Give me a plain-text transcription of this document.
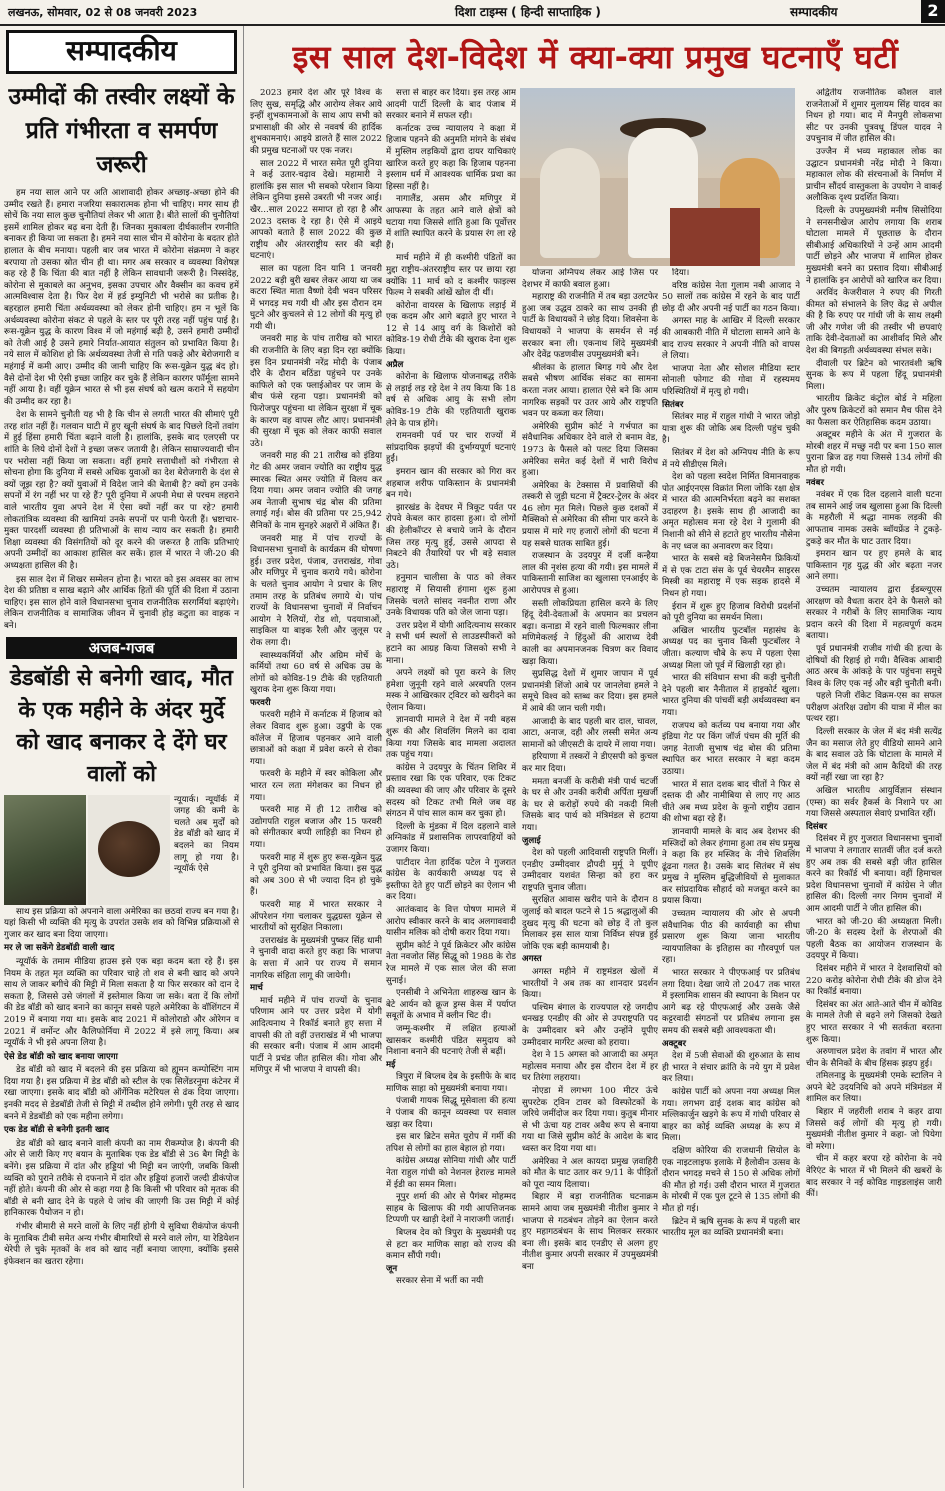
लखनऊ, सोमवार, 02 से 08 जनवरी 2023	दिशा टाइम्स ( हिन्दी साप्ताहिक )	सम्पादकीय	2
सम्पादकीय
उम्मीदों की तस्वीर लक्ष्यों के प्रति गंभीरता व समर्पण जरूरी

हम नया साल आने पर अति आशावादी होकर अच्छाइ-अच्छा होने की उम्मीद रखते हैं। हमारा नजरिया सकारात्मक होना भी चाहिए। मगर साथ ही सोचें कि नया साल कुछ चुनौतियां लेकर भी आता है। बीते सालों की चुनौतियां इसमें शामिल होकर बढ़ बना देती हैं। जिनका मुकाबला दीर्घकालीन रणनीति बनाकर ही किया जा सकता है। हमने नया साल चीन में कोरोना के बदतर होते हालात के बीच मनाया। पहली बार जब भारत में कोरोना संक्रमण ने कहर बरपाया तो उसका स्रोत चीन ही था। मगर अब सरकार व व्यवस्था विशेषज्ञ कह रहे हैं कि चिंता की बात नहीं है लेकिन सावधानी जरूरी है। निस्संदेह, कोरोना से मुकाबले का अनुभव, इसका उपचार और वैक्सीन का कवच हमें आत्मविश्वास देता है। फिर देश में हर्ड इम्युनिटी भी भरोसे का प्रतीक है। बहरहाल हमारी चिंता अर्थव्यवस्था को लेकर होनी चाहिए। हम न भूलें कि अर्थव्यवस्था कोरोना संकट से पहले के स्तर पर पूरी तरह नहीं पहुंच पाई है। रूस-यूक्रेन युद्ध के कारण विश्व में जो महंगाई बढ़ी है, उसने हमारी उम्मीदों को तेजी आई है उसने हमारे निर्यात-आयात संतुलन को प्रभावित किया है। नये साल में कोशिश हो कि अर्थव्यवस्था तेजी से गति पकड़े और बेरोजगारी व महंगाई में कमी आए। उम्मीद की जानी चाहिए कि रूस-यूक्रेन युद्ध बंद हो। वैसे दोनों देश भी ऐसी इच्छा जाहिर कर चुके हैं लेकिन कारगर फॉर्मूला सामने नहीं आया है। वहीं यूक्रेन भारत से भी इस संघर्ष को खत्म कराने में सहयोग की उम्मीद कर रहा है।

देश के सामने चुनौती यह भी है कि चीन से लगती भारत की सीमाएं पूरी तरह शांत नहीं हैं। गलवान घाटी में हुए खूनी संघर्ष के बाद पिछले दिनों तवांग में हुई हिंसा हमारी चिंता बढ़ाने वाली है। हालांकि, इसके बाद एलएसी पर शांति के लिये दोनों देशों ने इच्छा जरूर जतायी है। लेकिन साम्राज्यवादी चीन पर भरोसा नहीं किया जा सकता। वहीं हमारे सत्ताधीशों को गंभीरता से सोचना होगा कि दुनिया में सबसे अधिक युवाओं का देश बेरोजगारी के दंश से क्यों जूझ रहा है? क्यों युवाओं में विदेश जाने की बेताबी है? क्यों हम उनके सपनों में रंग नहीं भर पा रहे हैं? पूरी दुनिया में अपनी मेधा से परचम लहराने वाले भारतीय युवा अपने देश में ऐसा क्यों नहीं कर पा रहे? हमारी लोकतांत्रिक व्यवस्था की खामियां उनके सपनों पर पानी फेरती हैं। भ्रष्टाचार-मुक्त पारदर्शी व्यवस्था ही प्रतिभाओं के साथ न्याय कर सकती है। हमारी शिक्षा व्यवस्था की विसंगतियों को दूर करने की जरूरत है ताकि प्रतिभाएं अपनी उम्मीदों का आकाश हासिल कर सकें। हाल में भारत ने जी-20 की अध्यक्षता हासिल की है।

इस साल देश में शिखर सम्मेलन होना है। भारत को इस अवसर का लाभ देश की प्रतिष्ठा व साख बढ़ाने और आर्थिक हितों की पूर्ति की दिशा में उठाना चाहिए। इस साल होने वाले विधानसभा चुनाव राजनीतिक सरगर्मियां बढ़ाएंगे। लेकिन राजनीतिक व सामाजिक जीवन में चुनावी होड़ कटुता का वाहक न बने।

अजब-गजब
डेडबॉडी से बनेगी खाद, मौत के एक महीने के अंदर मुर्दे को खाद बनाकर दे देंगे घर वालों को
न्यूयार्क। न्यूयॉर्क में जगह की कमी के चलते अब मुर्दों को डेड बॉडी को खाद में बदलने का नियम लागू हो गया है। न्यूयॉर्क ऐसे

साथ इस प्रक्रिया को अपनाने वाला अमेरिका का छठवां राज्य बन गया है। यहां किसी भी व्यक्ति की मृत्यु के उपरांत उसके शव को विभिन्न प्रक्रियाओं से गुजार कर खाद बना दिया जाएगा।

मर ले जा सकेंगे डेडबॉडी वाली खाद

न्यूयॉर्क के तमाम मीडिया हाउस इसे एक बड़ा कदम बता रहे हैं। इस नियम के तहत मृत व्यक्ति का परिवार चाहे तो शव से बनी खाद को अपने साथ ले जाकर बगीचे की मिट्टी में मिला सकता है या फिर सरकार को दान दे सकता है, जिससे उसे जंगलों में इस्तेमाल किया जा सके। बता दें कि लोगों की डेड बॉडी को खाद बनाने का कानून सबसे पहले अमेरिका के वॉशिंगटन में 2019 में बनाया गया था। इसके बाद 2021 में कोलोराडो और ओरेगन व 2021 में वर्मोन्ट और कैलिफोर्निया में 2022 में इसे लागू किया। अब न्यूयॉर्क ने भी इसे अपना लिया है।

ऐसे डेड बॉडी को खाद बनाया जाएगा

डेड बॉडी को खाद में बदलने की इस प्रक्रिया को ह्यूमन कम्पोस्टिंग नाम दिया गया है। इस प्रक्रिया में डेड बॉडी को स्टील के एक सिलेंडरनुमा कंटेनर में रखा जाएगा। इसके बाद बॉडी को ऑर्गेनिक मटेरियल से ढंक दिया जाएगा। इनकी मदद से डेडबॉडी तेजी से मिट्टी में तब्दील होने लगेगी। पूरी तरह से खाद बनने में डेडबॉडी को एक महीना लगेगा।

एक डेड बॉडी से बनेगी इतनी खाद

डेड बॉडी को खाद बनाने वाली कंपनी का नाम रीकम्पोज है। कंपनी की ओर से जारी किए गए बयान के मुताबिक एक डेड बॉडी से 36 बैग मिट्टी के बनेंगे। इस प्रक्रिया में दांत और हड्डियां भी मिट्टी बन जाएंगी, जबकि किसी व्यक्ति को पुराने तरीके से दफनाने में दांत और हड्डियां हजारों जल्दी डीकंपोज नहीं होते। कंपनी की ओर से कहा गया है कि किसी भी परिवार को मृतक की बॉडी से बनी खाद देने के पहले ये जांच की जाएगी कि उस मिट्टी में कोई हानिकारक पैथोजन न हो।

गंभीर बीमारी से मरने वालों के लिए नहीं होगी ये सुविधा रीकंपोज कंपनी के मुताबिक टीबी समेत अन्य गंभीर बीमारियों से मरने वाले लोग, या रेडियेशन थेरेपी ले चुके मृतकों के शव को खाद नहीं बनाया जाएगा, क्योंकि इससे इंफेक्शन का खतरा रहेगा।

इस साल देश-विदेश में क्या-क्या प्रमुख घटनाएँ घटीं

2023 हमारे देश और पूरे विश्व के लिए सुख, समृद्धि और आरोग्य लेकर आये इन्हीं शुभकामनाओं के साथ आप सभी को प्रभासाक्षी की ओर से नववर्ष की हार्दिक शुभकामनाएं। आइये डालते हैं साल 2022 की प्रमुख घटनाओं पर एक नजर।

साल 2022 में भारत समेत पूरी दुनिया ने कई उतार-चढ़ाव देखे। महामारी ने हालांकि इस साल भी सबको परेशान किया लेकिन दुनिया इससे उबरती भी नजर आई। खैर...साल 2022 समाप्त हो रहा है और 2023 दस्तक दे रहा है। ऐसे में आइये आपको बताते हैं साल 2022 की कुछ राष्ट्रीय और अंतरराष्ट्रीय स्तर की बड़ी घटनाएं।

साल का पहला दिन यानि 1 जनवरी 2022 बड़ी बुरी खबर लेकर आया था जब कटरा स्थित माता वैष्णो देवी भवन परिसर में भगदड़ मच गयी थी और इस दौरान दम घुटने और कुचलने से 12 लोगों की मृत्यु हो गयी थी।

जनवरी माह के पांच तारीख को भारत की राजनीति के लिए बड़ा दिन रहा क्योंकि इस दिन प्रधानमंत्री नरेंद्र मोदी के पंजाब दौरे के दौरान बठिंडा पहुंचने पर उनके काफिले को एक फ्लाईओवर पर जाम के बीच फंसे रहना पड़ा। प्रधानमंत्री को फिरोजपुर पहुंचना था लेकिन सुरक्षा में चूक के कारण वह वापस लौट आए। प्रधानमंत्री की सुरक्षा में चूक को लेकर काफी सवाल उठे।

जनवरी माह की 21 तारीख को इंडिया गेट की अमर जवान ज्योति का राष्ट्रीय युद्ध स्मारक स्थित अमर ज्योति में विलय कर दिया गया। अमर जवान ज्योति की जगह अब नेताजी सुभाष चंद्र बोस की प्रतिमा लगाई गई। बोस की प्रतिमा पर 25,942 सैनिकों के नाम सुनहरे अक्षरों में अंकित हैं।

जनवरी माह में पांच राज्यों के विधानसभा चुनावों के कार्यक्रम की घोषणा हुई। उत्तर प्रदेश, पंजाब, उत्तराखंड, गोवा और मणिपुर में चुनाव कराये गये। कोरोना के चलते चुनाव आयोग ने प्रचार के लिए तमाम तरह के प्रतिबंध लगाये थे। पांच राज्यों के विधानसभा चुनावों में निर्वाचन आयोग ने रैलियों, रोड शो, पदयात्राओं, साइकिल या बाइक रैली और जुलूस पर रोक लगा दी।

स्वास्थ्यकर्मियों और अग्रिम मोर्चे के कर्मियों तथा 60 वर्ष से अधिक उम्र के लोगों को कोविड-19 टीके की एहतियाती खुराक देना शुरू किया गया।

फरवरी

फरवरी महीने में कर्नाटक में हिजाब को लेकर विवाद शुरू हुआ। उडुपी के एक कॉलेज में हिजाब पहनकर आने वाली छात्राओं को कक्षा में प्रवेश करने से रोका गया।

फरवरी के महीने में स्वर कोकिला और भारत रत्न लता मंगेशकर का निधन हो गया।

फरवरी माह में ही 12 तारीख को उद्योगपति राहुल बजाज और 15 फरवरी को संगीतकार बप्पी लाहिड़ी का निधन हो गया।

फरवरी माह में शुरू हुए रूस-यूक्रेन युद्ध ने पूरी दुनिया को प्रभावित किया। इस युद्ध को अब 300 से भी ज्यादा दिन हो चुके हैं।

फरवरी माह में भारत सरकार ने ऑपरेशन गंगा चलाकर युद्धग्रस्त यूक्रेन से भारतीयों को सुरक्षित निकाला।

उत्तराखंड के मुख्यमंत्री पुष्कर सिंह धामी ने चुनावी वादा करते हुए कहा कि भाजपा के सत्ता में आने पर राज्य में समान नागरिक संहिता लागू की जायेगी।

मार्च

मार्च महीने में पांच राज्यों के चुनाव परिणाम आने पर उत्तर प्रदेश में योगी आदित्यनाथ ने रिकॉर्ड बनाते हुए सत्ता में वापसी की तो वहीं उत्तराखंड में भी भाजपा की सरकार बनी। पंजाब में आम आदमी पार्टी ने प्रचंड जीत हासिल की। गोवा और मणिपुर में भी भाजपा ने वापसी की।

सत्ता से बाहर कर दिया। इस तरह आम आदमी पार्टी दिल्ली के बाद पंजाब में सरकार बनाने में सफल रही।

कर्नाटक उच्च न्यायालय ने कक्षा में हिजाब पहनने की अनुमति मांगने के संबंध में मुस्लिम लड़कियों द्वारा दायर याचिकाएं खारिज करते हुए कहा कि हिजाब पहनना इस्लाम धर्म में आवश्यक धार्मिक प्रथा का हिस्सा नहीं है।

नागालैंड, असम और मणिपुर में आफस्पा के तहत आने वाले क्षेत्रों को घटाया गया जिससे शांति हुआ कि पूर्वोत्तर में शांति स्थापित करने के प्रयास रंग ला रहे हैं।

मार्च महीने में ही कश्मीरी पंडितों का मुद्दा राष्ट्रीय-अंतरराष्ट्रीय स्तर पर छाया रहा क्योंकि 11 मार्च को द कश्मीर फाइल्स फिल्म ने सबकी आंखें खोल दी थीं।

कोरोना वायरस के खिलाफ लड़ाई में एक कदम और आगे बढ़ाते हुए भारत ने 12 से 14 आयु वर्ग के किशोरों को कोविड-19 रोधी टीके की खुराक देना शुरू किया।

अप्रैल

कोरोना के खिलाफ योजनाबद्ध तरीके से लड़ाई लड़ रहे देश ने तय किया कि 18 वर्ष से अधिक आयु के सभी लोग कोविड-19 टीके की एहतियाती खुराक लेने के पात्र होंगे।

रामनवमी पर्व पर चार राज्यों में सांप्रदायिक झड़पों की दुर्भाग्यपूर्ण घटनाएं हुईं।

इमरान खान की सरकार को गिरा कर शहबाज शरीफ पाकिस्तान के प्रधानमंत्री बन गये।

झारखंड के देवघर में त्रिकूट पर्वत पर रोपवे केबल कार हादसा हुआ। दो लोगों की हेलीकॉप्टर से बचाये जाने के दौरान जिस तरह मृत्यु हुई, उससे आपदा से निबटने की तैयारियों पर भी बड़े सवाल उठे।

हनुमान चालीसा के पाठ को लेकर महाराष्ट्र में सियासी हंगामा शुरू हुआ जिसके चलते सांसद नवनीत राणा और उनके विधायक पति को जेल जाना पड़ा।

उत्तर प्रदेश में योगी आदित्यनाथ सरकार ने सभी धर्म स्थलों से लाउडस्पीकरों को हटाने का आग्रह किया जिसको सभी ने माना।

अपने लक्ष्यों को पूरा करने के लिए हमेशा जुनूनी रहने वाले अरबपति एलन मस्क ने आखिरकार ट्विटर को खरीदने का ऐलान किया।

ज्ञानवापी मामले ने देश में नयी बहस शुरू की और शिवलिंग मिलने का दावा किया गया जिसके बाद मामला अदालत तक पहुंच गया।

कांग्रेस ने उदयपुर के चिंतन शिविर में प्रस्ताव रखा कि एक परिवार, एक टिकट की व्यवस्था की जाए और परिवार के दूसरे सदस्य को टिकट तभी मिले जब वह संगठन में पांच साल काम कर चुका हो।

दिल्ली के मुंडका में दिल दहलाने वाले अग्निकांड में प्रशासनिक लापरवाहियों को उजागर किया।

पाटीदार नेता हार्दिक पटेल ने गुजरात कांग्रेस के कार्यकारी अध्यक्ष पद से इस्तीफा देते हुए पार्टी छोड़ने का ऐलान भी कर दिया।

आतंकवाद के वित्त पोषण मामले में आरोप स्वीकार करने के बाद अलगाववादी यासीन मलिक को दोषी करार दिया गया।

सुप्रीम कोर्ट ने पूर्व क्रिकेटर और कांग्रेस नेता नवजोत सिंह सिद्धू को 1988 के रोड रेज मामले में एक साल जेल की सजा सुनाई।

एनसीबी ने अभिनेता शाहरुख खान के बेटे आर्यन को क्रूज ड्रग्स केस में पर्याप्त सबूतों के अभाव में क्लीन चिट दी।

जम्मू-कश्मीर में लक्षित हत्याओं खासकर कश्मीरी पंडित समुदाय को निशाना बनाने की घटनाएं तेजी से बढ़ीं।

मई

त्रिपुरा में बिप्लब देब के इस्तीफे के बाद माणिक साहा को मुख्यमंत्री बनाया गया।

पंजाबी गायक सिद्धू मूसेवाला की हत्या ने पंजाब की कानून व्यवस्था पर सवाल खड़ा कर दिया।

इस बार ब्रिटेन समेत यूरोप में गर्मी की तपिश से लोगों का हाल बेहाल हो गया।

कांग्रेस अध्यक्ष सोनिया गांधी और पार्टी नेता राहुल गांधी को नेशनल हेराल्ड मामले में ईडी का समन मिला।

नूपुर शर्मा की ओर से पैगंबर मोहम्मद साहब के खिलाफ की गयी आपत्तिजनक टिप्पणी पर खाड़ी देशों ने नाराजगी जताई।

बिप्लब देव को त्रिपुरा के मुख्यमंत्री पद से हटा कर माणिक साहा को राज्य की कमान सौंपी गयी।

जून

सरकार सेना में भर्ती का नयी

योजना अग्निपथ लेकर आई जिस पर देशभर में काफी बवाल हुआ।

महाराष्ट्र की राजनीति में तब बड़ा उलटफेर हुआ जब उद्धव ठाकरे का साथ उनकी ही पार्टी के विधायकों ने छोड़ दिया। शिवसेना के विधायकों ने भाजपा के समर्थन से नई सरकार बना ली। एकनाथ शिंदे मुख्यमंत्री और देवेंद्र फडणवीस उपमुख्यमंत्री बने।

श्रीलंका के हालात बिगड़ गये और देश सबसे भीषण आर्थिक संकट का सामना करता नजर आया। हालात ऐसे बने कि आम नागरिक सड़कों पर उतर आये और राष्ट्रपति भवन पर कब्जा कर लिया।

अमेरिकी सुप्रीम कोर्ट ने गर्भपात का संवैधानिक अधिकार देने वाले रो बनाम वेड, 1973 के फैसले को पलट दिया जिसका अमेरिका समेत कई देशों में भारी विरोध हुआ।

अमेरिका के टेक्सास में प्रवासियों की तस्करी से जुड़ी घटना में ट्रैक्टर-ट्रेलर के अंदर 46 लोग मृत मिले। पिछले कुछ दशकों में मैक्सिको से अमेरिका की सीमा पार करने के प्रयास में मारे गए हजारों लोगों की घटना में यह सबसे घातक साबित हुई।

राजस्थान के उदयपुर में दर्जी कन्हैया लाल की नृशंस हत्या की गयी। इस मामले में पाकिस्तानी साजिश का खुलासा एनआईए के आरोपपत्र से हुआ।

सस्ती लोकप्रियता हासिल करने के लिए हिंदू देवी-देवताओं के अपमान का प्रचलन बढ़ा। कनाडा में रहने वाली फिल्मकार लीना मणिमेकलई ने हिंदुओं की आराध्य देवी काली का अपमानजनक चित्रण कर विवाद खड़ा किया।

सुप्रसिद्ध देशों में शुमार जापान में पूर्व प्रधानमंत्री शिंजो आबे पर जानलेवा हमले ने समूचे विश्व को स्तब्ध कर दिया। इस हमले में आबे की जान चली गयी।

आजादी के बाद पहली बार दाल, चावल, आटा, अनाज, दही और लस्सी समेत अन्य सामानों को जीएसटी के दायरे में लाया गया।

हरियाणा में तस्करों ने डीएसपी को कुचल कर मार दिया।

ममता बनर्जी के करीबी मंत्री पार्थ चटर्जी के घर से और उनकी करीबी अर्पिता मुखर्जी के घर से करोड़ों रुपये की नकदी मिली जिसके बाद पार्थ को मंत्रिमंडल से हटाया गया।

जुलाई

देश को पहली आदिवासी राष्ट्रपति मिलीं। एनडीए उम्मीदवार द्रौपदी मुर्मू ने यूपीए उम्मीदवार यशवंत सिन्हा को हरा कर राष्ट्रपति चुनाव जीता।

सुरक्षित आवास खरीद पाने के दौरान 8 जुलाई को बादल फटने से 15 श्रद्धालुओं की दुखद मृत्यु की घटना को छोड़ दें तो कुल मिलाकर इस साल यात्रा निर्विघ्न संपन्न हुई जोकि एक बड़ी कामयाबी है।

अगस्त

अगस्त महीने में राष्ट्रमंडल खेलों में भारतीयों ने अब तक का शानदार प्रदर्शन किया।

पश्चिम बंगाल के राज्यपाल रहे जगदीप धनखड़ एनडीए की ओर से उपराष्ट्रपति पद के उम्मीदवार बने और उन्होंने यूपीए उम्मीदवार मार्गरेट अल्वा को हराया।

देश ने 15 अगस्त को आजादी का अमृत महोत्सव मनाया और इस दौरान देश में हर घर तिरंगा लहराया।

नोएडा में लगभग 100 मीटर ऊंचे सुपरटेक ट्विन टावर को विस्फोटकों के जरिये जमींदोज कर दिया गया। कुतुब मीनार से भी ऊंचा यह टावर अवैध रूप से बनाया गया था जिसे सुप्रीम कोर्ट के आदेश के बाद ध्वस्त कर दिया गया था।

अमेरिका ने अल कायदा प्रमुख ज़वाहिरी को मौत के घाट उतार कर 9/11 के पीड़ितों को पूरा न्याय दिलाया।

बिहार में बड़ा राजनीतिक घटनाक्रम सामने आया जब मुख्यमंत्री नीतीश कुमार ने भाजपा से गठबंधन तोड़ने का ऐलान करते हुए महागठबंधन के साथ मिलकर सरकार बना ली। इसके बाद एनडीए से अलग हुए नीतीश कुमार अपनी सरकार में उपमुख्यमंत्री बना

दिया।

वरिष्ठ कांग्रेस नेता गुलाम नबी आजाद ने 50 सालों तक कांग्रेस में रहने के बाद पार्टी छोड़ दी और अपनी नई पार्टी का गठन किया।

अगस्त माह के आखिर में दिल्ली सरकार की आबकारी नीति में घोटाला सामने आने के बाद राज्य सरकार ने अपनी नीति को वापस ले लिया।

भाजपा नेता और सोशल मीडिया स्टार सोनाली फोगाट की गोवा में रहस्यमय परिस्थितियों में मृत्यु हो गयी।

सितंबर

सितंबर माह में राहुल गांधी ने भारत जोड़ो यात्रा शुरू की जोकि अब दिल्ली पहुंच चुकी है।

सितंबर में देश को अग्निपथ नीति के रूप में नये सीडीएस मिले।

देश को पहला स्वदेश निर्मित विमानवाहक पोत आईएनएस विक्रांत मिला जोकि रक्षा क्षेत्र में भारत की आत्मनिर्भरता बढ़ने का सशक्त उदाहरण है। इसके साथ ही आजादी का अमृत महोत्सव मना रहे देश ने गुलामी की निशानी को सीने से हटाते हुए भारतीय नौसेना के नए ध्वज का अनावरण कर दिया।

भारत के सबसे बड़े बिजनेसमैन फ्रिकियों में से एक टाटा संस के पूर्व चेयरमैन साइरस मिस्त्री का महाराष्ट्र में एक सड़क हादसे में निधन हो गया।

ईरान में शुरू हुए हिजाब विरोधी प्रदर्शनों को पूरी दुनिया का समर्थन मिला।

अखिल भारतीय फुटबॉल महासंघ के अध्यक्ष पद का चुनाव किसी फुटबॉलर ने जीता। कल्याण चौबे के रूप में पहला ऐसा अध्यक्ष मिला जो पूर्व में खिलाड़ी रहा हो।

भारत की संविधान सभा की कड़ी चुनौती देने पहली बार नैनीताल में हाइकोर्ट खुला। भारत दुनिया की पांचवीं बड़ी अर्थव्यवस्था बन गया।

राजपथ को कर्तव्य पथ बनाया गया और इंडिया गेट पर किंग जॉर्ज पंचम की मूर्ति की जगह नेताजी सुभाष चंद्र बोस की प्रतिमा स्थापित कर भारत सरकार ने बड़ा कदम उठाया।

भारत में सात दशक बाद चीतों ने फिर से दस्तक दी और नामीबिया से लाए गए आठ चीते अब मध्य प्रदेश के कूनो राष्ट्रीय उद्यान की शोभा बढ़ा रहे हैं।

ज्ञानवापी मामले के बाद अब देशभर की मस्जिदों को लेकर हंगामा हुआ तब संघ प्रमुख ने कहा कि हर मस्जिद के नीचे शिवलिंग ढूंढना गलत है। उसके बाद सितंबर में संघ प्रमुख ने मुस्लिम बुद्धिजीवियों से मुलाकात कर सांप्रदायिक सौहार्द को मजबूत करने का प्रयास किया।

उच्चतम न्यायालय की ओर से अपनी संवैधानिक पीठ की कार्यवाही का सीधा प्रसारण शुरू किया जाना भारतीय न्यायपालिका के इतिहास का गौरवपूर्ण पल रहा।

भारत सरकार ने पीएफआई पर प्रतिबंध लगा दिया। देखा जाये तो 2047 तक भारत में इस्लामिक शासन की स्थापना के मिशन पर आगे बढ़ रहे पीएफआई और उसके जैसे कट्टरवादी संगठनों पर प्रतिबंध लगाना इस समय की सबसे बड़ी आवश्यकता थी।

अक्टूबर

देश में 5जी सेवाओं की शुरुआत के साथ ही भारत ने संचार क्रांति के नये युग में प्रवेश कर लिया।

कांग्रेस पार्टी को अपना नया अध्यक्ष मिल गया। लगभग ढाई दशक बाद कांग्रेस को मल्लिकार्जुन खड़गे के रूप में गांधी परिवार से बाहर का कोई व्यक्ति अध्यक्ष के रूप में मिला।

दक्षिण कोरिया की राजधानी सियोल के एक नाइटलाइफ इलाके में हैलोवीन उत्सव के दौरान भगदड़ मचने से 150 से अधिक लोगों की मौत हो गई। उसी दौरान भारत में गुजरात के मोरबी में एक पुल टूटने से 135 लोगों की मौत हो गई।

ब्रिटेन में ऋषि सुनक के रूप में पहली बार भारतीय मूल का व्यक्ति प्रधानमंत्री बना।

अद्वितीय राजनीतिक कौशल वाले राजनेताओं में शुमार मुलायम सिंह यादव का निधन हो गया। बाद में मैनपुरी लोकसभा सीट पर उनकी पुत्रवधू डिंपल यादव ने उपचुनाव में जीत हासिल की।

उज्जैन में भव्य महाकाल लोक का उद्घाटन प्रधानमंत्री नरेंद्र मोदी ने किया। महाकाल लोक की संरचनाओं के निर्माण में प्राचीन सौंदर्य वास्तुकला के उपयोग ने वाकई अलौकिक दृश्य प्रदर्शित किया।

दिल्ली के उपमुख्यमंत्री मनीष सिसोदिया ने सनसनीखेज आरोप लगाया कि शराब घोटाला मामले में पूछताछ के दौरान सीबीआई अधिकारियों ने उन्हें आम आदमी पार्टी छोड़ने और भाजपा में शामिल होकर मुख्यमंत्री बनने का प्रस्ताव दिया। सीबीआई ने हालांकि इन आरोपों को खारिज कर दिया।

अरविंद केजरीवाल ने रुपए की गिरती कीमत को संभालने के लिए केंद्र से अपील की है कि रुपए पर गांधी जी के साथ लक्ष्मी जी और गणेश जी की तस्वीर भी छपवाएं ताकि देवी-देवताओं का आशीर्वाद मिले और देश की बिगड़ती अर्थव्यवस्था संभल सके।

दीवाली पर ब्रिटेन को भारतवंशी ऋषि सुनक के रूप में पहला हिंदू प्रधानमंत्री मिला।

भारतीय क्रिकेट कंट्रोल बोर्ड ने महिला और पुरुष क्रिकेटरों को समान मैच फीस देने का फैसला कर ऐतिहासिक कदम उठाया।

अक्टूबर महीने के अंत में गुजरात के मोरबी शहर में मच्छु नदी पर बना 150 साल पुराना ब्रिज ढह गया जिससे 134 लोगों की मौत हो गयी।

नवंबर

नवंबर में एक दिल दहलाने वाली घटना तब सामने आई जब खुलासा हुआ कि दिल्ली के महरौली में श्रद्धा नामक लड़की की आफताब नामक उसके ब्वॉयफ्रेंड ने टुकड़े-टुकड़े कर मौत के घाट उतार दिया।

इमरान खान पर हुए हमले के बाद पाकिस्तान गृह युद्ध की ओर बढ़ता नजर आने लगा।

उच्चतम न्यायालय द्वारा ईडब्ल्यूएस आरक्षण को वैधता करार देने के फैसले को सरकार ने गरीबों के लिए सामाजिक न्याय प्रदान करने की दिशा में महत्वपूर्ण कदम बताया।

पूर्व प्रधानमंत्री राजीव गांधी की हत्या के दोषियों की रिहाई हो गयी। वैश्विक आबादी आठ अरब के आंकड़े के पार पहुंचना समूचे विश्व के लिए एक नई और बड़ी चुनौती बनी।

पहले निजी रॉकेट विक्रम-एस का सफल परीक्षण अंतरिक्ष उद्योग की यात्रा में मील का पत्थर रहा।

दिल्ली सरकार के जेल में बंद मंत्री सत्येंद्र जैन का मसाज लेते हुए वीडियो सामने आने के बाद सवाल उठे कि घोटाला के मामले में जेल में बंद मंत्री को आम कैदियों की तरह क्यों नहीं रखा जा रहा है?

अखिल भारतीय आयुर्विज्ञान संस्थान (एम्स) का सर्वर हैकर्स के निशाने पर आ गया जिससे अस्पताल सेवाएं प्रभावित रहीं।

दिसंबर

दिसंबर में हुए गुजरात विधानसभा चुनावों में भाजपा ने लगातार सातवीं जीत दर्ज करते हुए अब तक की सबसे बड़ी जीत हासिल करने का रिकॉर्ड भी बनाया। वहीं हिमाचल प्रदेश विधानसभा चुनावों में कांग्रेस ने जीत हासिल की। दिल्ली नगर निगम चुनावों में आम आदमी पार्टी ने जीत हासिल की।

भारत को जी-20 की अध्यक्षता मिली। जी-20 के सदस्य देशों के शेरपाओं की पहली बैठक का आयोजन राजस्थान के उदयपुर में किया।

दिसंबर महीने में भारत ने देशवासियों को 220 करोड़ कोरोना रोधी टीके की डोज देने का रिकॉर्ड बनाया।

दिसंबर का अंत आते-आते चीन में कोविड के मामले तेजी से बढ़ने लगे जिसको देखते हुए भारत सरकार ने भी सतर्कता बरतना शुरू किया।

अरुणाचल प्रदेश के तवांग में भारत और चीन के सैनिकों के बीच हिंसक झड़प हुई।

तमिलनाडु के मुख्यमंत्री एमके स्टालिन ने अपने बेटे उदयनिधि को अपने मंत्रिमंडल में शामिल कर लिया।

बिहार में जहरीली शराब ने कहर ढाया जिससे कई लोगों की मृत्यु हो गयी। मुख्यमंत्री नीतीश कुमार ने कहा- जो पियेगा वो मरेगा।

चीन में कहर बरपा रहे कोरोना के नये वेरिएंट के भारत में भी मिलने की खबरों के बाद सरकार ने नई कोविड गाइडलाइंस जारी कीं।
